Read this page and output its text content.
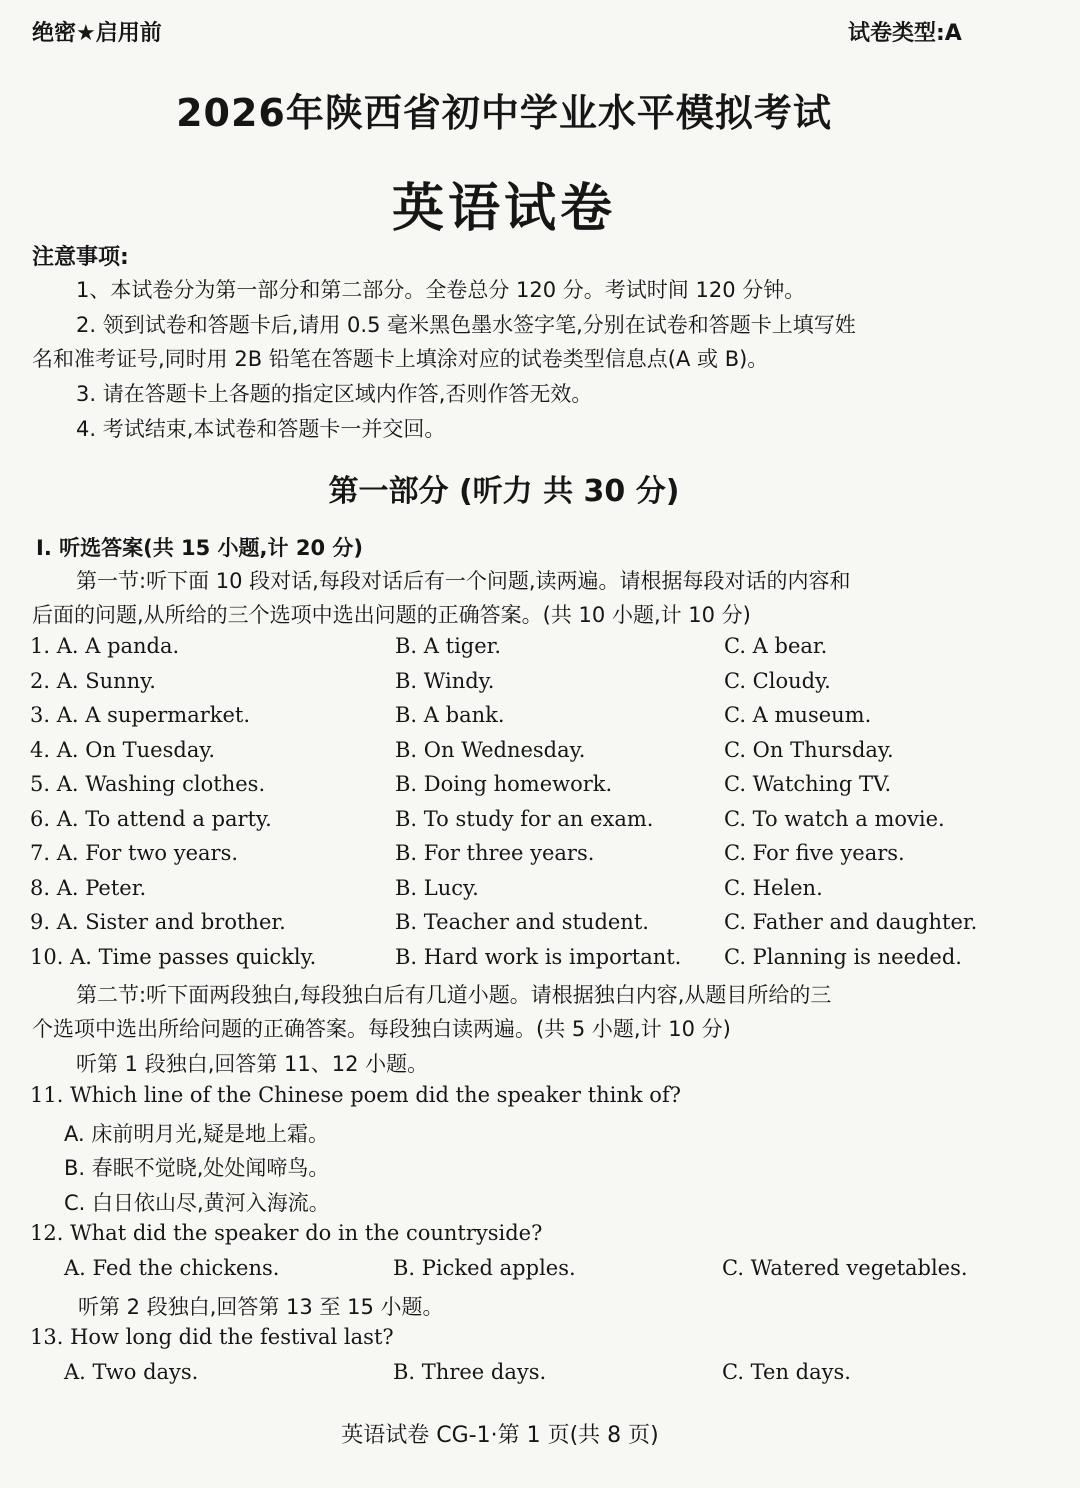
绝密★启用前	试卷类型:A
2026年陕西省初中学业水平模拟考试
英语试卷
注意事项:
1、本试卷分为第一部分和第二部分。全卷总分 120 分。考试时间 120 分钟。
2. 领到试卷和答题卡后,请用 0.5 毫米黑色墨水签字笔,分别在试卷和答题卡上填写姓
名和准考证号,同时用 2B 铅笔在答题卡上填涂对应的试卷类型信息点(A 或 B)。
3. 请在答题卡上各题的指定区域内作答,否则作答无效。
4. 考试结束,本试卷和答题卡一并交回。
第一部分 (听力 共 30 分)
I. 听选答案(共 15 小题,计 20 分)
第一节:听下面 10 段对话,每段对话后有一个问题,读两遍。请根据每段对话的内容和
后面的问题,从所给的三个选项中选出问题的正确答案。(共 10 小题,计 10 分)
1. A. A panda.	B. A tiger.	C. A bear.
2. A. Sunny.	B. Windy.	C. Cloudy.
3. A. A supermarket.	B. A bank.	C. A museum.
4. A. On Tuesday.	B. On Wednesday.	C. On Thursday.
5. A. Washing clothes.	B. Doing homework.	C. Watching TV.
6. A. To attend a party.	B. To study for an exam.	C. To watch a movie.
7. A. For two years.	B. For three years.	C. For five years.
8. A. Peter.	B. Lucy.	C. Helen.
9. A. Sister and brother.	B. Teacher and student.	C. Father and daughter.
10. A. Time passes quickly.	B. Hard work is important. C. Planning is needed.
第二节:听下面两段独白,每段独白后有几道小题。请根据独白内容,从题目所给的三
个选项中选出所给问题的正确答案。每段独白读两遍。(共 5 小题,计 10 分)
听第 1 段独白,回答第 11、12 小题。
11. Which line of the Chinese poem did the speaker think of?
A. 床前明月光,疑是地上霜。
B. 春眠不觉晓,处处闻啼鸟。
C. 白日依山尽,黄河入海流。
12. What did the speaker do in the countryside?
A. Fed the chickens.	B. Picked apples.	C. Watered vegetables.
听第 2 段独白,回答第 13 至 15 小题。
13. How long did the festival last?
A. Two days.	B. Three days.	C. Ten days.
英语试卷 CG-1·第 1 页(共 8 页)
